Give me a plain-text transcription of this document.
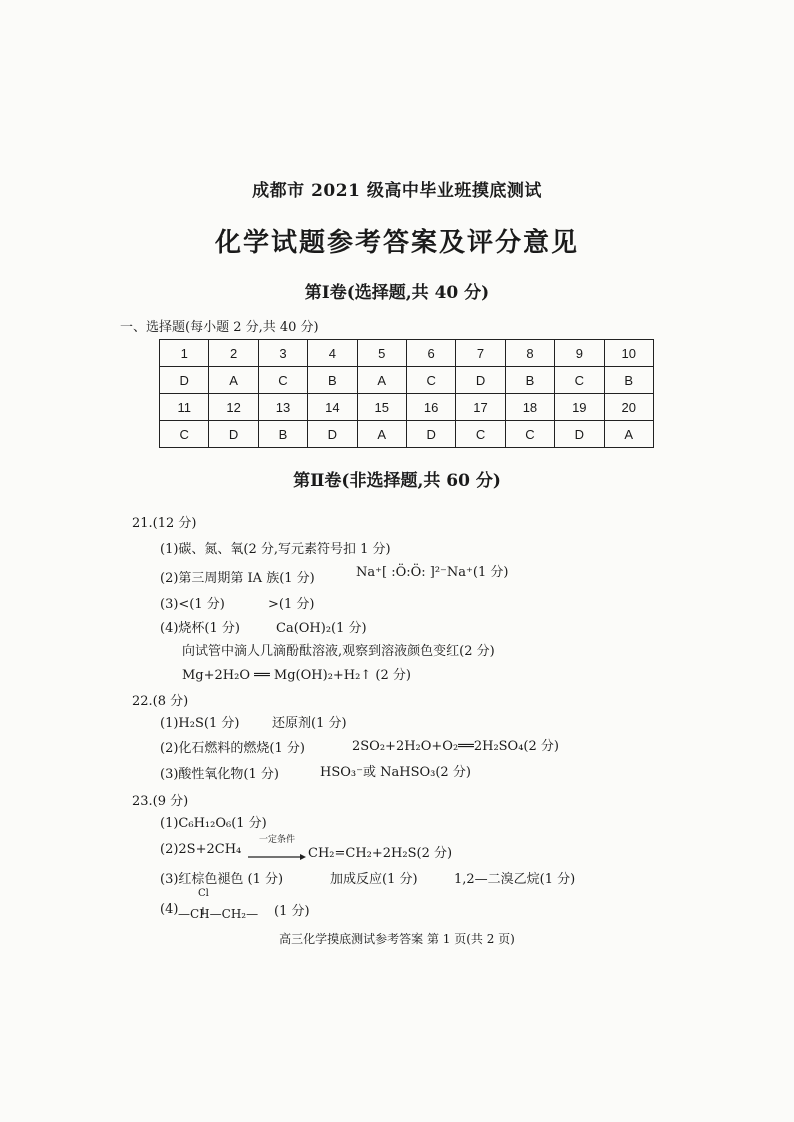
成都市 2021 级高中毕业班摸底测试
化学试题参考答案及评分意见
第Ⅰ卷(选择题,共 40 分)
一、选择题(每小题 2 分,共 40 分)
1	2	3	4	5	6	7	8	9	10
D	A	C	B	A	C	D	B	C	B
11	12	13	14	15	16	17	18	19	20
C	D	B	D	A	D	C	C	D	A
第Ⅱ卷(非选择题,共 60 分)
21.(12 分)
(1)碳、氮、氧(2 分,写元素符号扣 1 分)
(2)第三周期第 IA 族(1 分)	Na⁺[ :Ö:Ö: ]²⁻Na⁺(1 分)
(3)<(1 分)	>(1 分)
(4)烧杯(1 分)	Ca(OH)₂(1 分)
向试管中滴人几滴酚酞溶液,观察到溶液颜色变红(2 分)
Mg+2H₂O ══ Mg(OH)₂+H₂↑ (2 分)
22.(8 分)
(1)H₂S(1 分)	还原剂(1 分)
(2)化石燃料的燃烧(1 分)	2SO₂+2H₂O+O₂══2H₂SO₄(2 分)
(3)酸性氧化物(1 分)	HSO₃⁻或 NaHSO₃(2 分)
23.(9 分)
(1)C₆H₁₂O₆(1 分)
(2)2S+2CH₄
一定条件
→ CH₂=CH₂+2H₂S(2 分)
(3)红棕色褪色 (1 分)	加成反应(1 分)	1,2—二溴乙烷(1 分)
(4)
Cl
—CH—CH₂— (1 分)
高三化学摸底测试参考答案 第 1 页(共 2 页)
